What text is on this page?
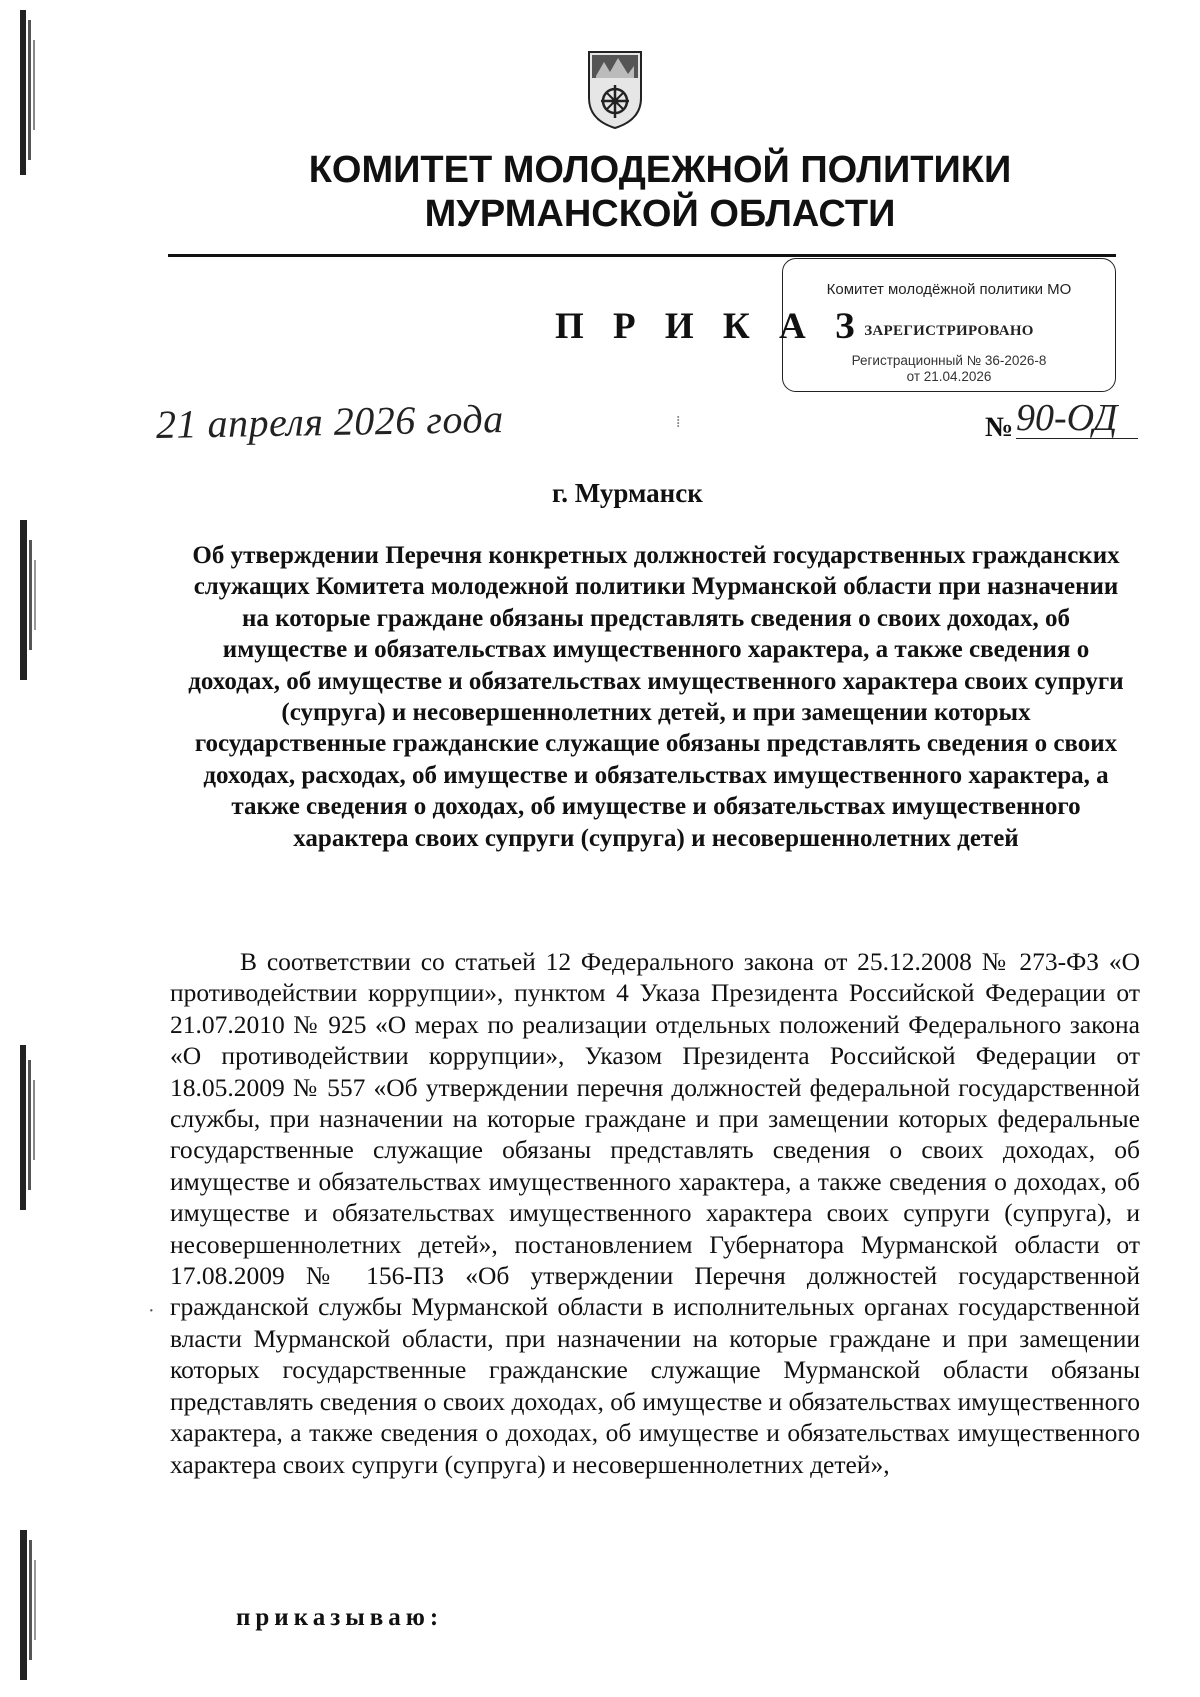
КОМИТЕТ МОЛОДЕЖНОЙ ПОЛИТИКИ
МУРМАНСКОЙ ОБЛАСТИ
Комитет молодёжной политики МО
ЗАРЕГИСТРИРОВАНО
Регистрационный № 36-2026-8
от 21.04.2026
П Р И К А З
21 апреля 2026 года	⁞	№ 90-ОД
г. Мурманск
Об утверждении Перечня конкретных должностей государственных гражданских служащих Комитета молодежной политики Мурманской области при назначении на которые граждане обязаны представлять сведения о своих доходах, об имуществе и обязательствах имущественного характера, а также сведения о доходах, об имуществе и обязательствах имущественного характера своих супруги (супруга) и несовершеннолетних детей, и при замещении которых государственные гражданские служащие обязаны представлять сведения о своих доходах, расходах, об имуществе и обязательствах имущественного характера, а также сведения о доходах, об имуществе и обязательствах имущественного характера своих супруги (супруга) и несовершеннолетних детей
В соответствии со статьей 12 Федерального закона от 25.12.2008 № 273-ФЗ «О противодействии коррупции», пунктом 4 Указа Президента Российской Федерации от 21.07.2010 № 925 «О мерах по реализации отдельных положений Федерального закона «О противодействии коррупции», Указом Президента Российской Федерации от 18.05.2009 № 557 «Об утверждении перечня должностей федеральной государственной службы, при назначении на которые граждане и при замещении которых федеральные государственные служащие обязаны представлять сведения о своих доходах, об имуществе и обязательствах имущественного характера, а также сведения о доходах, об имуществе и обязательствах имущественного характера своих супруги (супруга), и несовершеннолетних детей», постановлением Губернатора Мурманской области от 17.08.2009 № 156-ПЗ «Об утверждении Перечня должностей государственной гражданской службы Мурманской области в исполнительных органах государственной власти Мурманской области, при назначении на которые граждане и при замещении которых государственные гражданские служащие Мурманской области обязаны представлять сведения о своих доходах, об имуществе и обязательствах имущественного характера, а также сведения о доходах, об имуществе и обязательствах имущественного характера своих супруги (супруга) и несовершеннолетних детей»,
·
приказываю:
